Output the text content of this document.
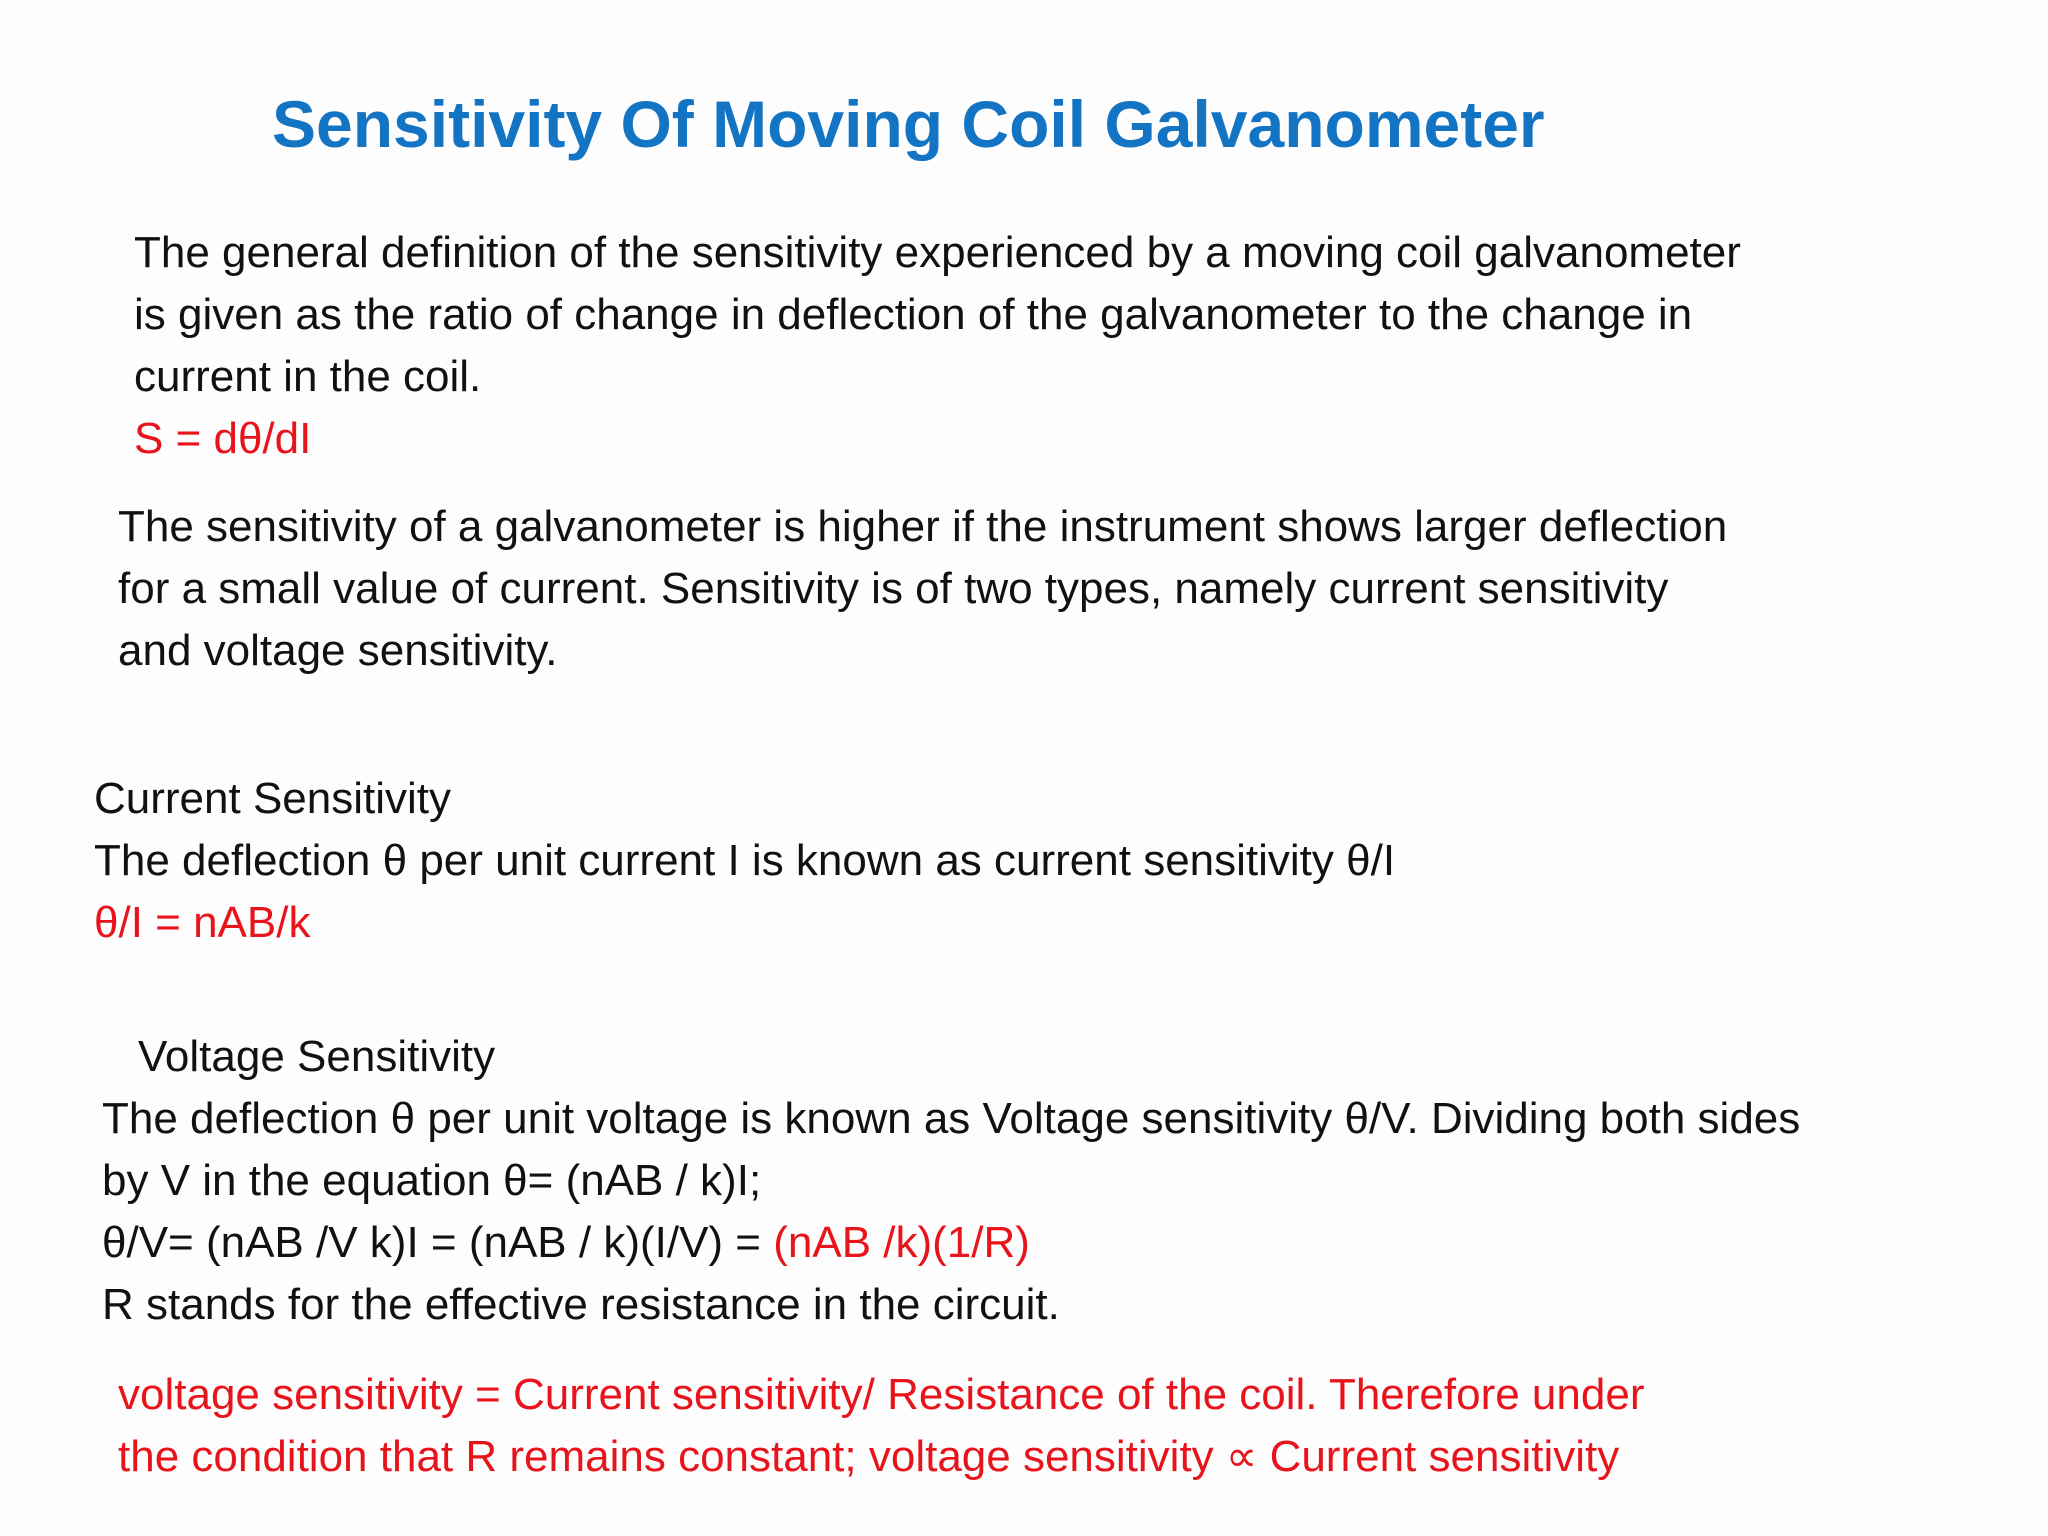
Sensitivity Of Moving Coil Galvanometer
The general definition of the sensitivity experienced by a moving coil galvanometer
is given as the ratio of change in deflection of the galvanometer to the change in
current in the coil.
S = dθ/dI
The sensitivity of a galvanometer is higher if the instrument shows larger deflection
for a small value of current. Sensitivity is of two types, namely current sensitivity
and voltage sensitivity.
Current Sensitivity
The deflection θ per unit current I is known as current sensitivity θ/I
θ/I = nAB/k
Voltage Sensitivity
The deflection θ per unit voltage is known as Voltage sensitivity θ/V. Dividing both sides
by V in the equation θ= (nAB / k)I;
θ/V= (nAB /V k)I = (nAB / k)(I/V) = (nAB /k)(1/R)
R stands for the effective resistance in the circuit.
voltage sensitivity = Current sensitivity/ Resistance of the coil. Therefore under
the condition that R remains constant; voltage sensitivity ∝ Current sensitivity
